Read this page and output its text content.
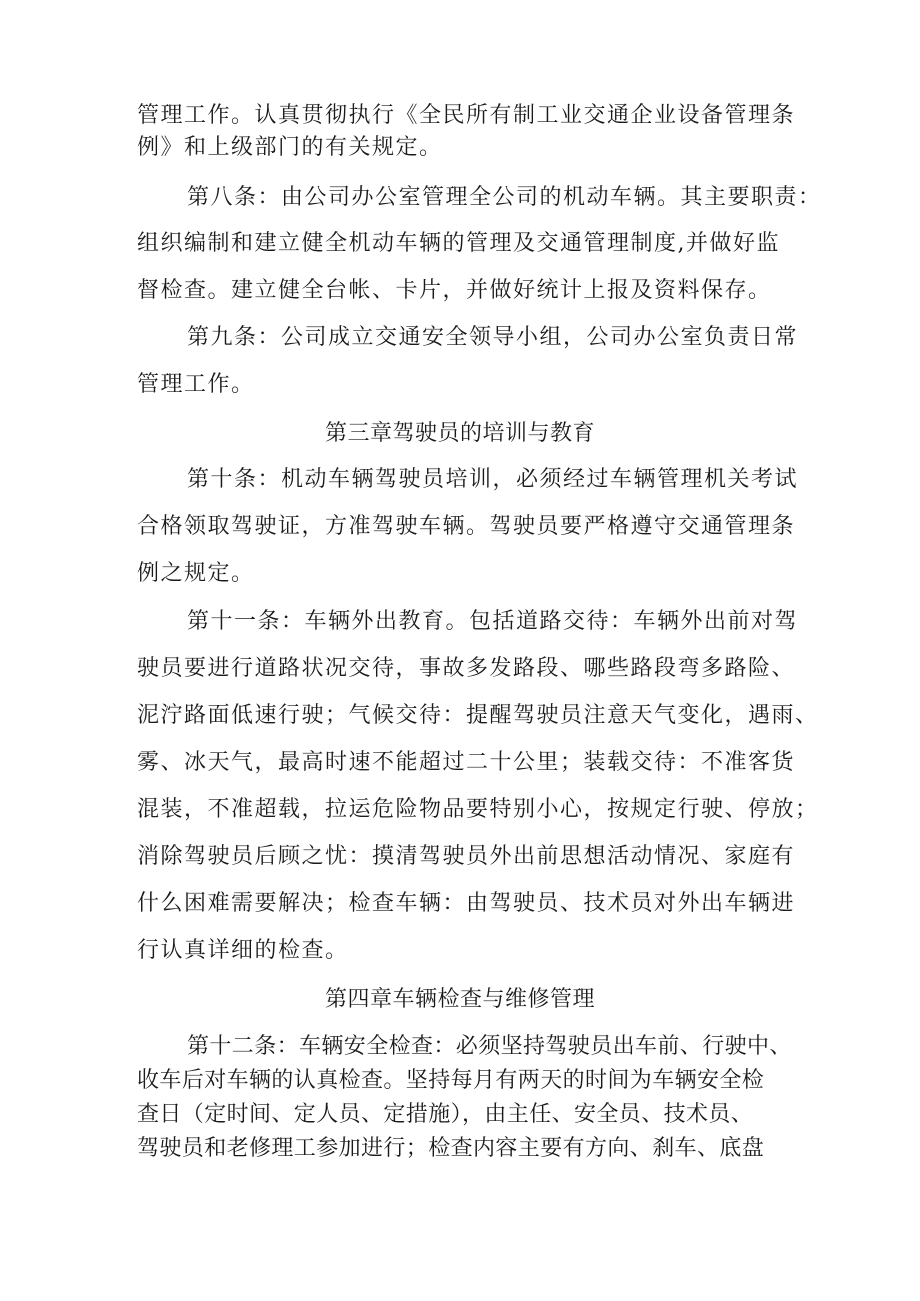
管理工作。认真贯彻执行《全民所有制工业交通企业设备管理条
例》和上级部门的有关规定。
第八条：由公司办公室管理全公司的机动车辆。其主要职责：
组织编制和建立健全机动车辆的管理及交通管理制度,并做好监
督检查。建立健全台帐、卡片，并做好统计上报及资料保存。
第九条：公司成立交通安全领导小组，公司办公室负责日常
管理工作。
第三章驾驶员的培训与教育
第十条：机动车辆驾驶员培训，必须经过车辆管理机关考试
合格领取驾驶证，方准驾驶车辆。驾驶员要严格遵守交通管理条
例之规定。
第十一条：车辆外出教育。包括道路交待：车辆外出前对驾
驶员要进行道路状况交待，事故多发路段、哪些路段弯多路险、
泥泞路面低速行驶；气候交待：提醒驾驶员注意天气变化，遇雨、
雾、冰天气，最高时速不能超过二十公里；装载交待：不准客货
混装，不准超载，拉运危险物品要特别小心，按规定行驶、停放；
消除驾驶员后顾之忧：摸清驾驶员外出前思想活动情况、家庭有
什么困难需要解决；检查车辆：由驾驶员、技术员对外出车辆进
行认真详细的检查。
第四章车辆检查与维修管理
第十二条：车辆安全检查：必须坚持驾驶员出车前、行驶中、
收车后对车辆的认真检查。坚持每月有两天的时间为车辆安全检
查日（定时间、定人员、定措施），由主任、安全员、技术员、
驾驶员和老修理工参加进行；检查内容主要有方向、刹车、底盘
